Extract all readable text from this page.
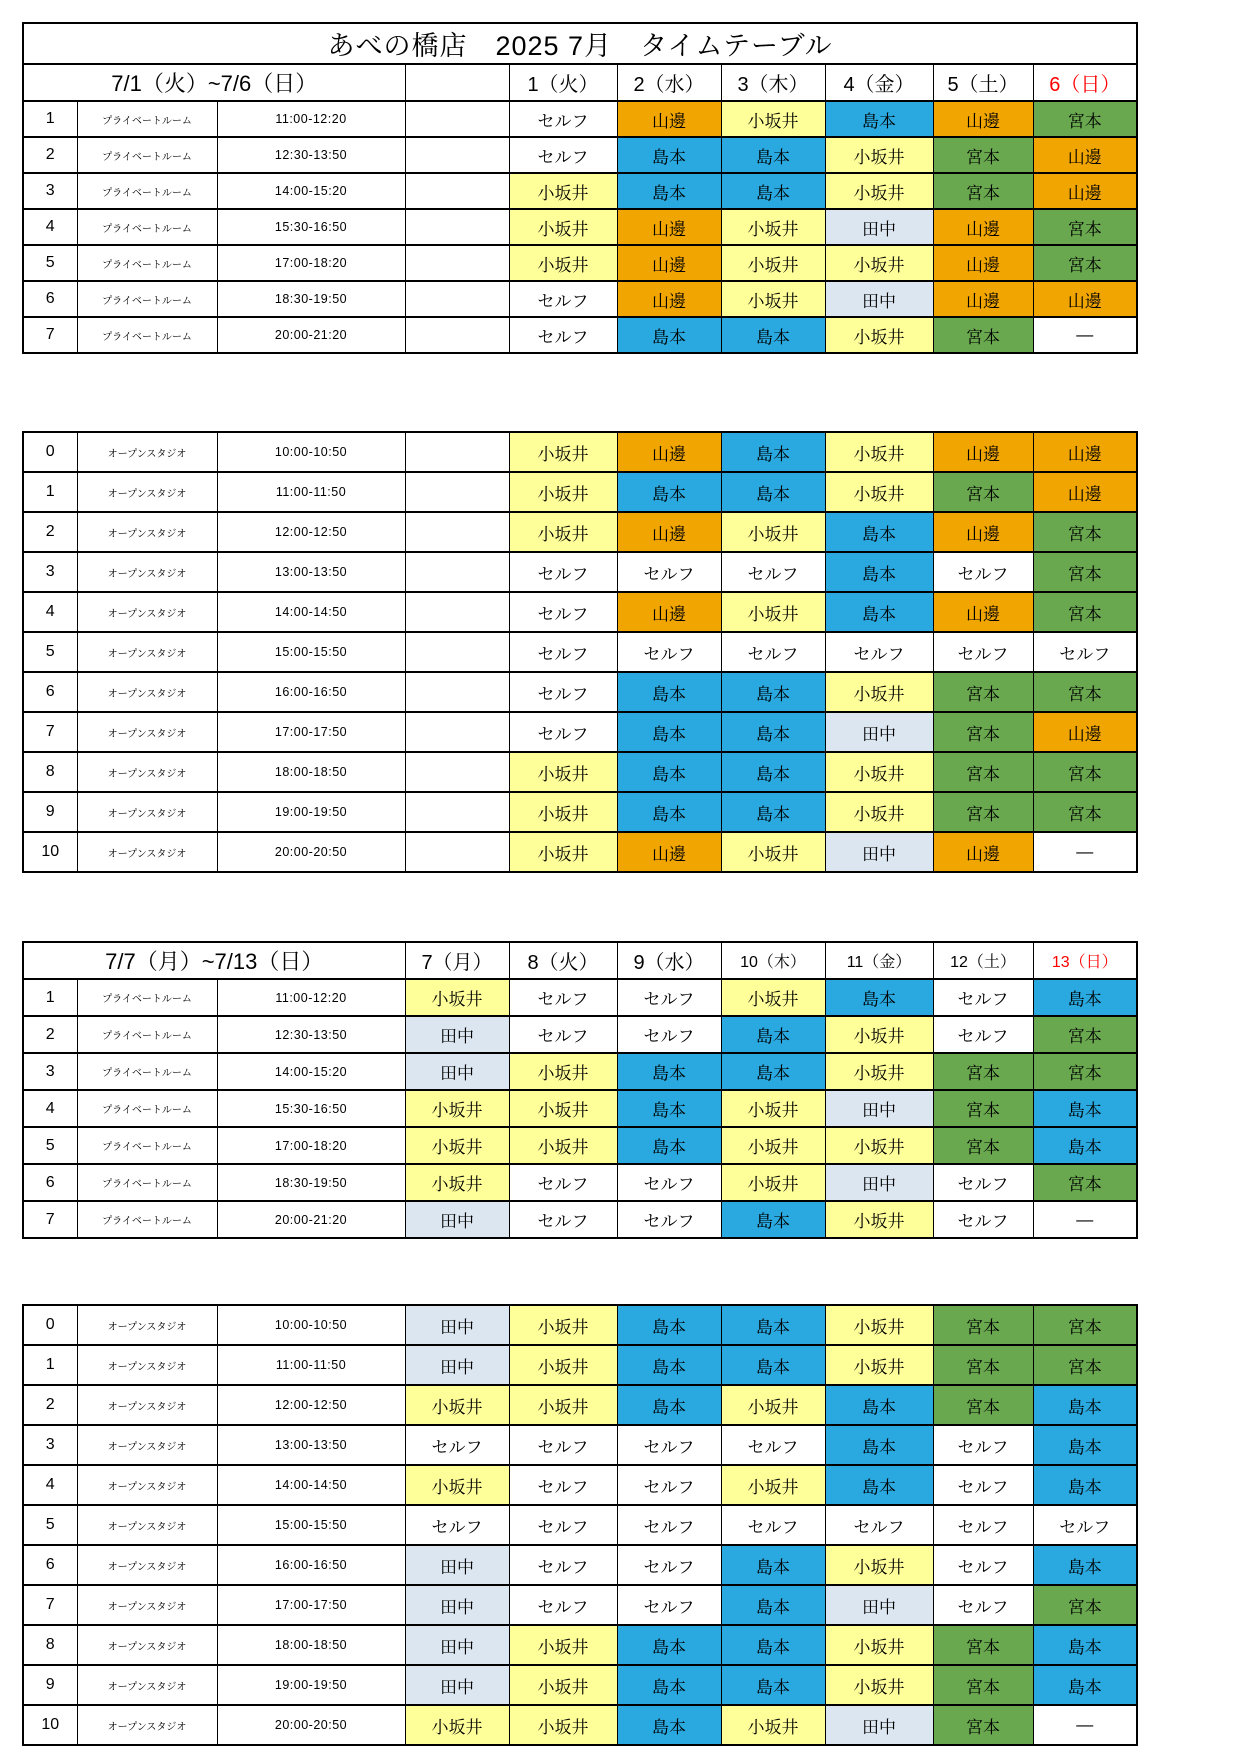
あべの橋店　2025 7月　タイムテーブル									
7/1（火）~7/6（日）				1（火）	2（水）	3（木）	4（金）	5（土）	6（日）
1	プライベートルーム	11:00-12:20		セルフ	山邊	小坂井	島本	山邊	宮本
2	プライベートルーム	12:30-13:50		セルフ	島本	島本	小坂井	宮本	山邊
3	プライベートルーム	14:00-15:20		小坂井	島本	島本	小坂井	宮本	山邊
4	プライベートルーム	15:30-16:50		小坂井	山邊	小坂井	田中	山邊	宮本
5	プライベートルーム	17:00-18:20		小坂井	山邊	小坂井	小坂井	山邊	宮本
6	プライベートルーム	18:30-19:50		セルフ	山邊	小坂井	田中	山邊	山邊
7	プライベートルーム	20:00-21:20		セルフ	島本	島本	小坂井	宮本	—
0	オープンスタジオ	10:00-10:50		小坂井	山邊	島本	小坂井	山邊	山邊
1	オープンスタジオ	11:00-11:50		小坂井	島本	島本	小坂井	宮本	山邊
2	オープンスタジオ	12:00-12:50		小坂井	山邊	小坂井	島本	山邊	宮本
3	オープンスタジオ	13:00-13:50		セルフ	セルフ	セルフ	島本	セルフ	宮本
4	オープンスタジオ	14:00-14:50		セルフ	山邊	小坂井	島本	山邊	宮本
5	オープンスタジオ	15:00-15:50		セルフ	セルフ	セルフ	セルフ	セルフ	セルフ
6	オープンスタジオ	16:00-16:50		セルフ	島本	島本	小坂井	宮本	宮本
7	オープンスタジオ	17:00-17:50		セルフ	島本	島本	田中	宮本	山邊
8	オープンスタジオ	18:00-18:50		小坂井	島本	島本	小坂井	宮本	宮本
9	オープンスタジオ	19:00-19:50		小坂井	島本	島本	小坂井	宮本	宮本
10	オープンスタジオ	20:00-20:50		小坂井	山邊	小坂井	田中	山邊	—
7/7（月）~7/13（日）			7（月）	8（火）	9（水）	10（木）	11（金）	12（土）	13（日）
1	プライベートルーム	11:00-12:20	小坂井	セルフ	セルフ	小坂井	島本	セルフ	島本
2	プライベートルーム	12:30-13:50	田中	セルフ	セルフ	島本	小坂井	セルフ	宮本
3	プライベートルーム	14:00-15:20	田中	小坂井	島本	島本	小坂井	宮本	宮本
4	プライベートルーム	15:30-16:50	小坂井	小坂井	島本	小坂井	田中	宮本	島本
5	プライベートルーム	17:00-18:20	小坂井	小坂井	島本	小坂井	小坂井	宮本	島本
6	プライベートルーム	18:30-19:50	小坂井	セルフ	セルフ	小坂井	田中	セルフ	宮本
7	プライベートルーム	20:00-21:20	田中	セルフ	セルフ	島本	小坂井	セルフ	—
0	オープンスタジオ	10:00-10:50	田中	小坂井	島本	島本	小坂井	宮本	宮本
1	オープンスタジオ	11:00-11:50	田中	小坂井	島本	島本	小坂井	宮本	宮本
2	オープンスタジオ	12:00-12:50	小坂井	小坂井	島本	小坂井	島本	宮本	島本
3	オープンスタジオ	13:00-13:50	セルフ	セルフ	セルフ	セルフ	島本	セルフ	島本
4	オープンスタジオ	14:00-14:50	小坂井	セルフ	セルフ	小坂井	島本	セルフ	島本
5	オープンスタジオ	15:00-15:50	セルフ	セルフ	セルフ	セルフ	セルフ	セルフ	セルフ
6	オープンスタジオ	16:00-16:50	田中	セルフ	セルフ	島本	小坂井	セルフ	島本
7	オープンスタジオ	17:00-17:50	田中	セルフ	セルフ	島本	田中	セルフ	宮本
8	オープンスタジオ	18:00-18:50	田中	小坂井	島本	島本	小坂井	宮本	島本
9	オープンスタジオ	19:00-19:50	田中	小坂井	島本	島本	小坂井	宮本	島本
10	オープンスタジオ	20:00-20:50	小坂井	小坂井	島本	小坂井	田中	宮本	—
